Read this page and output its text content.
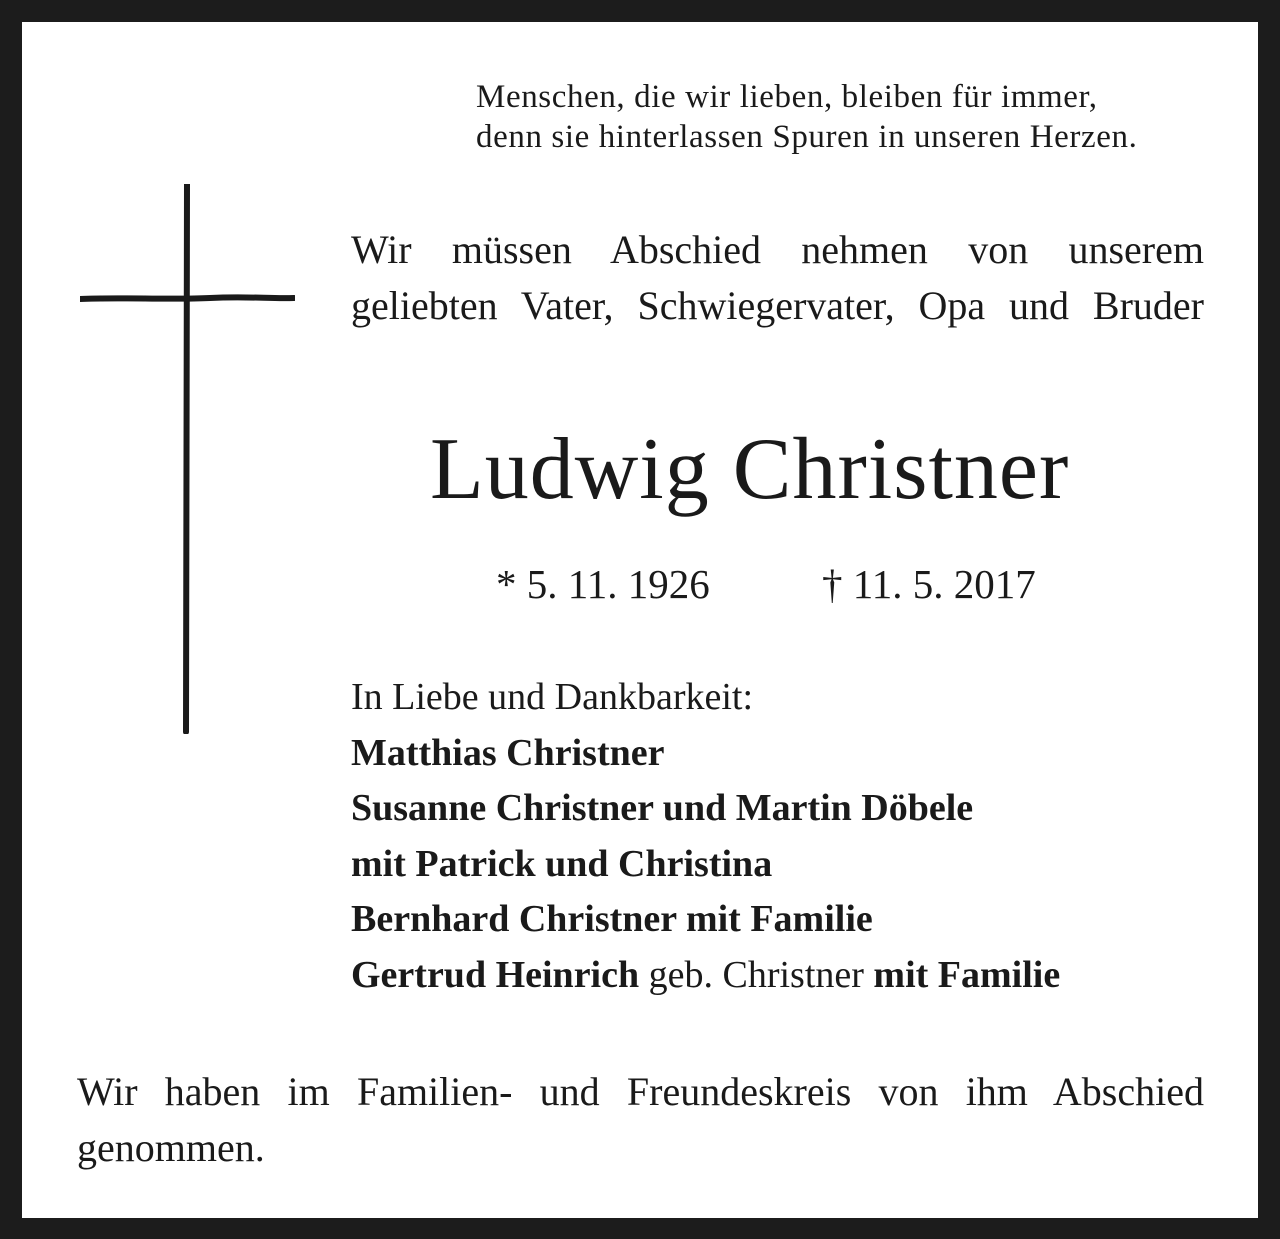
Menschen, die wir lieben, bleiben für immer,
denn sie hinterlassen Spuren in unseren Herzen.
Wir müssen Abschied nehmen von unserem
geliebten Vater, Schwiegervater, Opa und Bruder
Ludwig Christner
* 5. 11. 1926	† 11. 5. 2017
In Liebe und Dankbarkeit:
Matthias Christner
Susanne Christner und Martin Döbele
mit Patrick und Christina
Bernhard Christner mit Familie
Gertrud Heinrich geb. Christner mit Familie
Wir haben im Familien- und Freundeskreis von ihm Abschied
genommen.
